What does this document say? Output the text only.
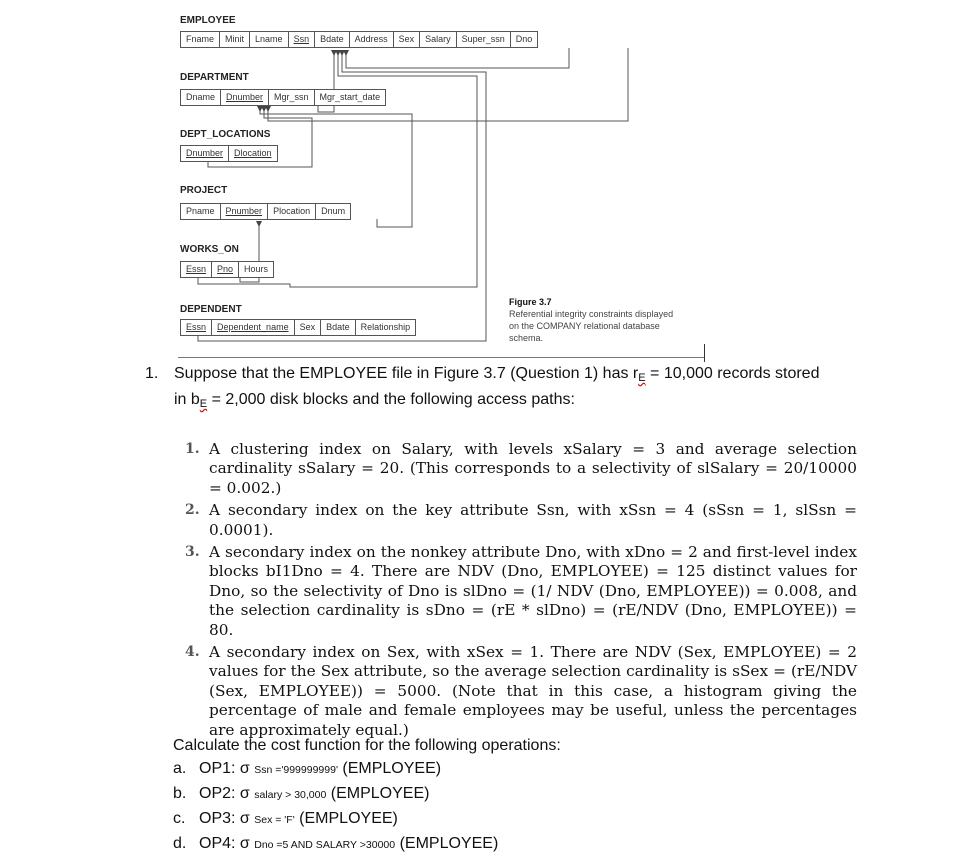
EMPLOYEE
Fname	Minit	Lname	Ssn	Bdate	Address	Sex	Salary	Super_ssn	Dno
DEPARTMENT
Dname	Dnumber	Mgr_ssn	Mgr_start_date
DEPT_LOCATIONS
Dnumber	Dlocation
PROJECT
Pname	Pnumber	Plocation	Dnum
WORKS_ON
Essn	Pno	Hours
DEPENDENT
Essn	Dependent_name	Sex	Bdate	Relationship
Figure 3.7
Referential integrity constraints displayed
on the COMPANY relational database
schema.
1. Suppose that the EMPLOYEE file in Figure 3.7 (Question 1) has $r_E = 10,000$ records stored
in $b_E = 2,000$ disk blocks and the following access paths:
1. A clustering index on Salary, with levels xSalary = 3 and average selection cardinality sSalary = 20. (This corresponds to a selectivity of slSalary = 20/10000 = 0.002.)
2. A secondary index on the key attribute Ssn, with xSsn = 4 (sSsn = 1, slSsn = 0.0001).
3. A secondary index on the nonkey attribute Dno, with xDno = 2 and first-level index blocks bI1Dno = 4. There are NDV (Dno, EMPLOYEE) = 125 distinct values for Dno, so the selectivity of Dno is slDno = (1/ NDV (Dno, EMPLOYEE)) = 0.008, and the selection cardinality is sDno = (rE * slDno) = (rE/NDV (Dno, EMPLOYEE)) = 80.
4. A secondary index on Sex, with xSex = 1. There are NDV (Sex, EMPLOYEE) = 2 values for the Sex attribute, so the average selection cardinality is sSex = (rE/NDV (Sex, EMPLOYEE)) = 5000. (Note that in this case, a histogram giving the percentage of male and female employees may be useful, unless the percentages are approximately equal.)
Calculate the cost function for the following operations:
a. OP1: σ Ssn ='999999999' (EMPLOYEE)
b. OP2: σ salary > 30,000 (EMPLOYEE)
c. OP3: σ Sex = 'F' (EMPLOYEE)
d. OP4: σ Dno =5 AND SALARY >30000 (EMPLOYEE)
